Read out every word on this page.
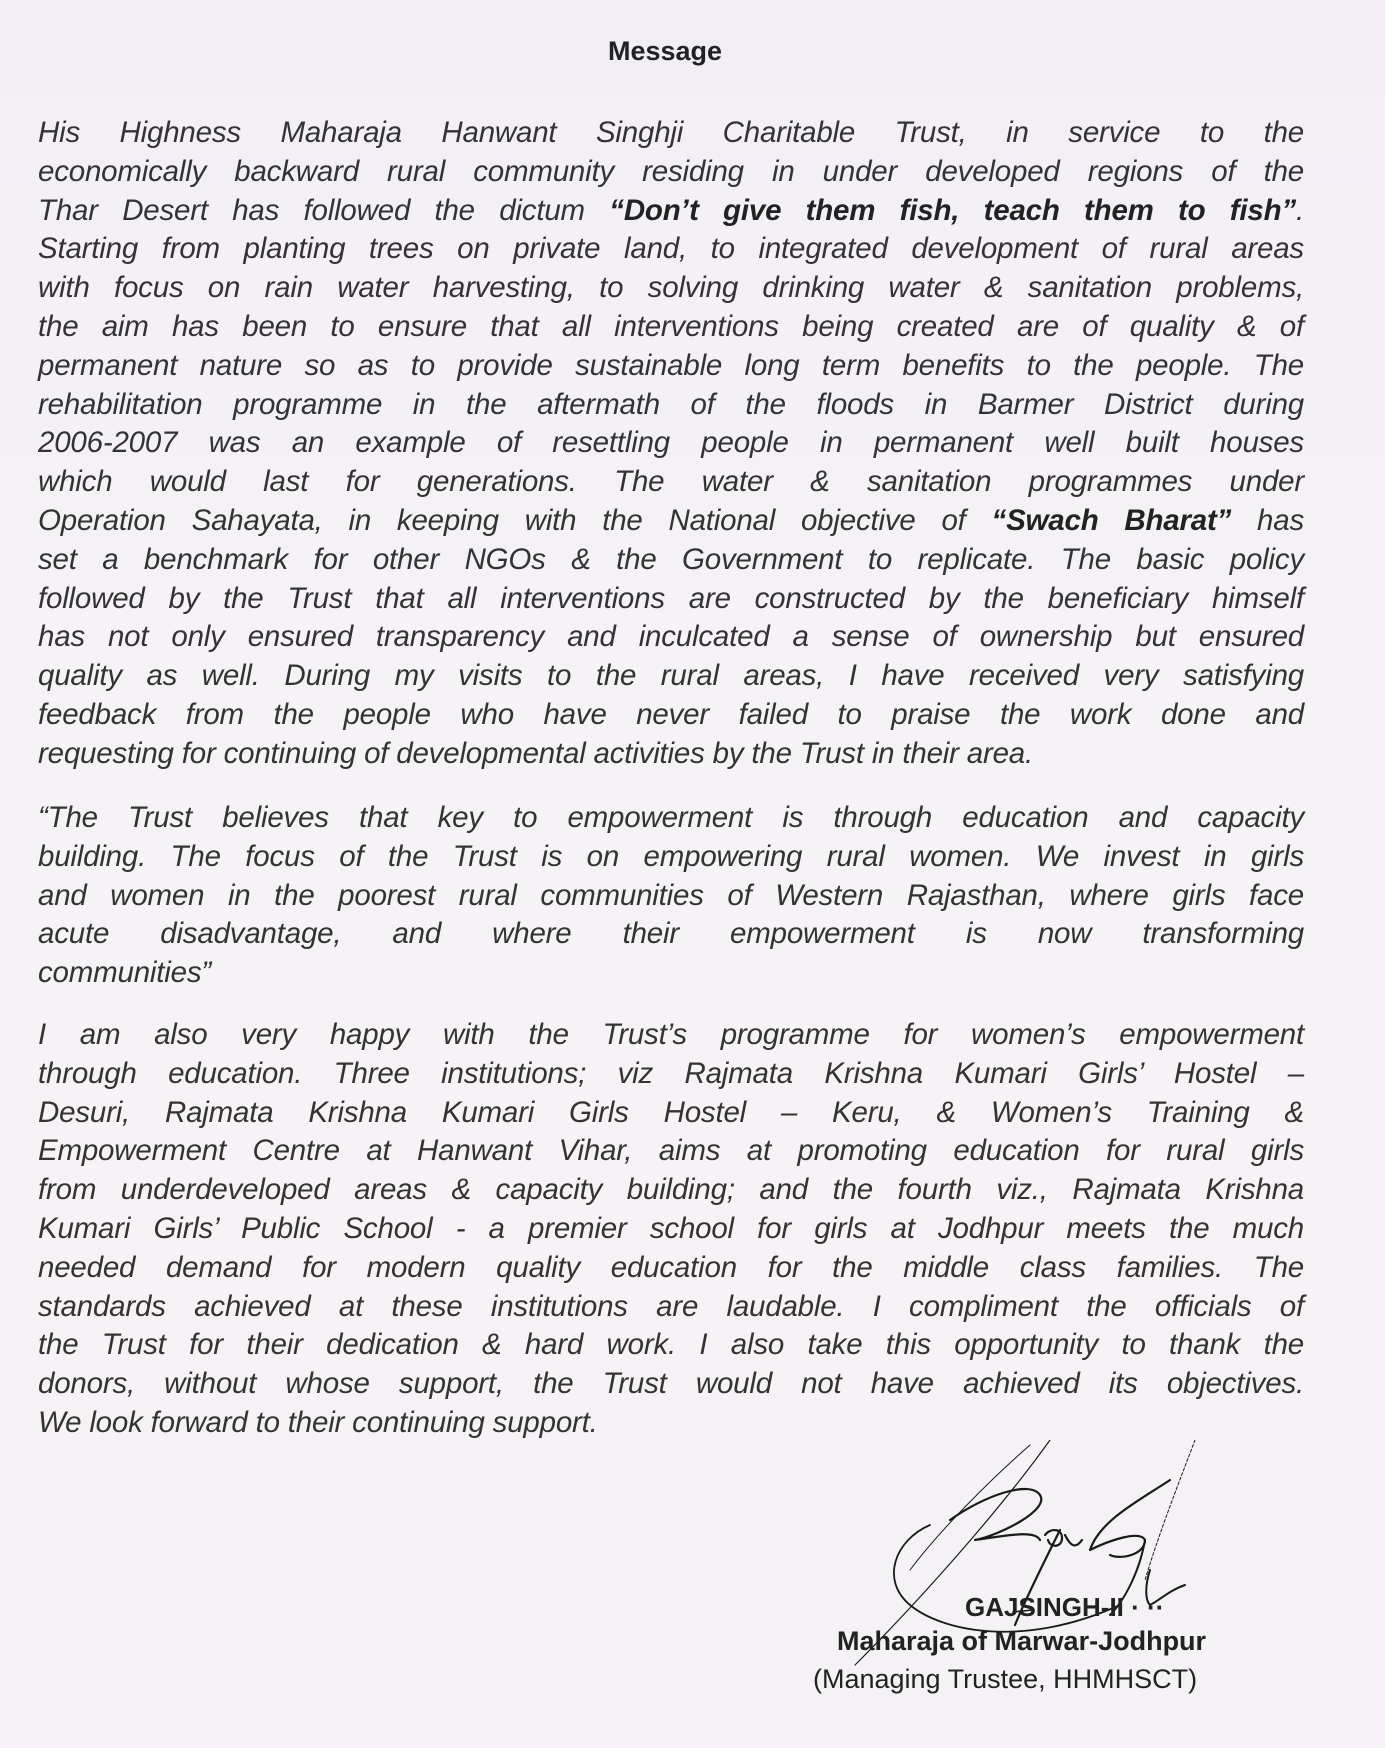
Message
His Highness Maharaja Hanwant Singhji Charitable Trust, in service to the
economically backward rural community residing in under developed regions of the
Thar Desert has followed the dictum “Don’t give them fish, teach them to fish”.
Starting from planting trees on private land, to integrated development of rural areas
with focus on rain water harvesting, to solving drinking water & sanitation problems,
the aim has been to ensure that all interventions being created are of quality & of
permanent nature so as to provide sustainable long term benefits to the people. The
rehabilitation programme in the aftermath of the floods in Barmer District during
2006-2007 was an example of resettling people in permanent well built houses
which would last for generations. The water & sanitation programmes under
Operation Sahayata, in keeping with the National objective of “Swach Bharat” has
set a benchmark for other NGOs & the Government to replicate. The basic policy
followed by the Trust that all interventions are constructed by the beneficiary himself
has not only ensured transparency and inculcated a sense of ownership but ensured
quality as well. During my visits to the rural areas, I have received very satisfying
feedback from the people who have never failed to praise the work done and
requesting for continuing of developmental activities by the Trust in their area.
“The Trust believes that key to empowerment is through education and capacity
building. The focus of the Trust is on empowering rural women. We invest in girls
and women in the poorest rural communities of Western Rajasthan, where girls face
acute disadvantage, and where their empowerment is now transforming
communities”
I am also very happy with the Trust’s programme for women’s empowerment
through education. Three institutions; viz Rajmata Krishna Kumari Girls’ Hostel –
Desuri, Rajmata Krishna Kumari Girls Hostel – Keru, & Women’s Training &
Empowerment Centre at Hanwant Vihar, aims at promoting education for rural girls
from underdeveloped areas & capacity building; and the fourth viz., Rajmata Krishna
Kumari Girls’ Public School - a premier school for girls at Jodhpur meets the much
needed demand for modern quality education for the middle class families. The
standards achieved at these institutions are laudable. I compliment the officials of
the Trust for their dedication & hard work. I also take this opportunity to thank the
donors, without whose support, the Trust would not have achieved its objectives.
We look forward to their continuing support.
GAJSINGH-II · ··
Maharaja of Marwar-Jodhpur
(Managing Trustee, HHMHSCT)
